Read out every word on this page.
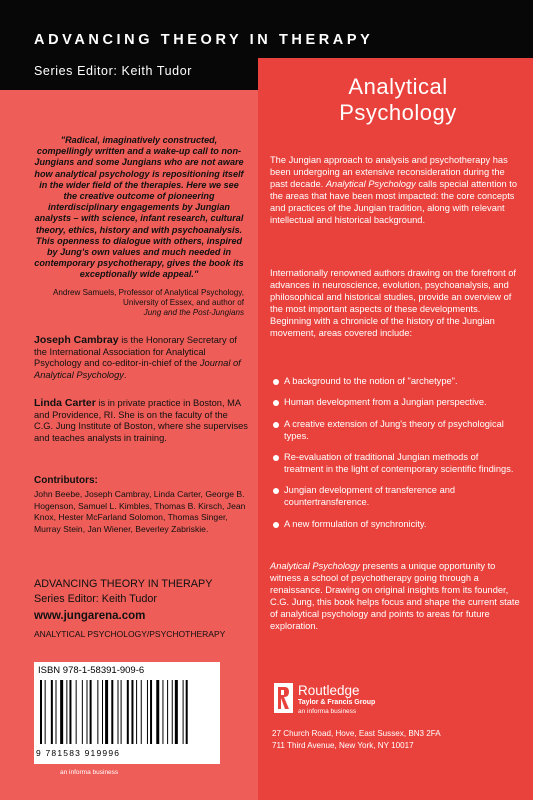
ADVANCING THEORY IN THERAPY
Series Editor: Keith Tudor
Analytical
Psychology

The Jungian approach to analysis and psychotherapy has been undergoing an extensive reconsideration during the past decade. Analytical Psychology calls special attention to the areas that have been most impacted: the core concepts and practices of the Jungian tradition, along with relevant intellectual and historical background.

Internationally renowned authors drawing on the forefront of advances in neuroscience, evolution, psychoanalysis, and philosophical and historical studies, provide an overview of the most important aspects of these developments. Beginning with a chronicle of the history of the Jungian movement, areas covered include:

A background to the notion of "archetype".
Human development from a Jungian perspective.
A creative extension of Jung's theory of psychological types.
Re-evaluation of traditional Jungian methods of treatment in the light of contemporary scientific findings.
Jungian development of transference and countertransference.
A new formulation of synchronicity.

Analytical Psychology presents a unique opportunity to witness a school of psychotherapy going through a renaissance. Drawing on original insights from its founder, C.G. Jung, this book helps focus and shape the current state of analytical psychology and points to areas for future exploration.

"Radical, imaginatively constructed, compellingly written and a wake-up call to non-Jungians and some Jungians who are not aware how analytical psychology is repositioning itself in the wider field of the therapies. Here we see the creative outcome of pioneering interdisciplinary engagements by Jungian analysts – with science, infant research, cultural theory, ethics, history and with psychoanalysis. This openness to dialogue with others, inspired by Jung's own values and much needed in contemporary psychotherapy, gives the book its exceptionally wide appeal."
Andrew Samuels, Professor of Analytical Psychology,
University of Essex, and author of
Jung and the Post-Jungians
Joseph Cambray is the Honorary Secretary of the International Association for Analytical Psychology and co-editor-in-chief of the Journal of Analytical Psychology.
Linda Carter is in private practice in Boston, MA and Providence, RI. She is on the faculty of the C.G. Jung Institute of Boston, where she supervises and teaches analysts in training.
Contributors:
John Beebe, Joseph Cambray, Linda Carter, George B. Hogenson, Samuel L. Kimbles, Thomas B. Kirsch, Jean Knox, Hester McFarland Solomon, Thomas Singer, Murray Stein, Jan Wiener, Beverley Zabriskie.
ADVANCING THEORY IN THERAPY
Series Editor: Keith Tudor
www.jungarena.com
ANALYTICAL PSYCHOLOGY/PSYCHOTHERAPY
ISBN 978-1-58391-909-6
9 781583 919996
an informa business
Routledge
Taylor & Francis Group
an informa business
27 Church Road, Hove, East Sussex, BN3 2FA
711 Third Avenue, New York, NY 10017
